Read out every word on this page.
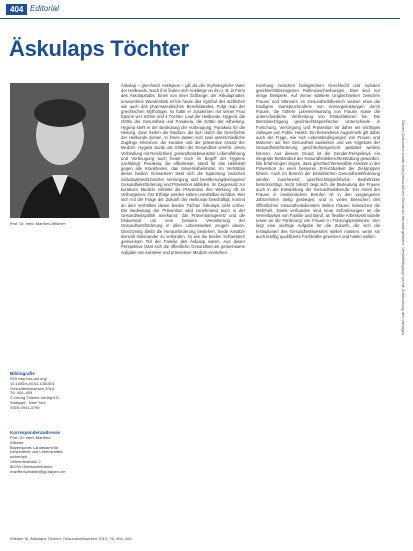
404 Editorial
Äskulaps Töchter
Prof. Dr. med. Manfred Wildner
Bibliografie
DOI http://dx.doi.org/
10.1055/s-0034-1381501
Gesundheitswesen 2014;
76: 404–405
© Georg Thieme Verlag KG
Stuttgart · New York
ISSN 0941-3790
Korrespondenzadresse
Prof. Dr. med. Manfred
Wildner
Bayerisches Landesamt für
Gesundheit und Lebensmittel-
sicherheit
Veterinärstraße 2
85764 Oberschleißheim
manfred.wildner@lgl.bayern.de

Äskulap – griechisch Asklepios – gilt als der mythologische Vater der Heilkunde. Nach ihm finden sich Anklänge an ihn z. B. in Form des Äskulapstabs. Einen von einer Schlange, der Äskulapnatter, umwundene Wanderstab ist bis heute das Symbol des ärztlichen wie auch des pharmazeutischen Berufsstandes. Folgt man der griechischen Mythologie, so hatte er zusammen mit seiner Frau Epione vier Söhne und 4 Töchter. Laut der Heilkunde: Hygieia, die Göttin der Gesundheit und Panakeia, die Göttin der Allheilung. Hygieia steht in der Bedeutung der Vorbeugung, Panakeia für die Heilung. Zwei Seiten der Medizin, die sich durch die Geschichte der Heilkunde ziehen. In ihnen lassen sich zwei unterschiedliche Zugänge erkennen: der kurative und der präventive Ansatz der Medizin. Hygieia wurde als Göttin der Gesundheit verehrt, deren Verbindung mit Reinlichkeit, gesundheitsbewusster Lebensführung und Vorbeugung auch heute noch im Begriff der Hygiene nachklingt. Panakeia, die Allheilende, stand für das Heilmittel gegen alle Krankheiten, das Universalheilmittel. Im Verhältnis dieser beiden Schwestern lässt sich die Spannung zwischen individualmedizinischer Versorgung und bevölkerungsbezogener Gesundheitsförderung und Prävention abbilden. Im Gegensatz zur kurativen Medizin entfaltet die Prävention ihre Wirkung oft im Verborgenen; ihre Erfolge werden selten unmittelbar sichtbar. Wer sich mit der Frage der Zukunft der Heilkunde beschäftigt, kommt an dem Verhältnis dieser beiden Töchter Äskulaps nicht vorbei. Die Bedeutung der Prävention wird zunehmend auch in der Gesundheitspolitik anerkannt; das Präventionsgesetz und die Diskussion um eine bessere Verankerung der Gesundheitsförderung in allen Lebenswelten zeugen davon. Gleichzeitig bleibt die Herausforderung bestehen, beide Ansätze sinnvoll miteinander zu verbinden, so wie die beiden Schwestern gemeinsam Teil der Familie des Äskulap waren. Aus dieser Perspektive lässt sich die öffentliche Gesundheit als gemeinsame Aufgabe von kurativer und präventiver Medizin verstehen.

menhang zwischen biologischem Geschlecht und sozialen geschlechtsbezogenen Rollenzuschreibungen. Dies sind nur einige Beispiele. Auf immer stärkere Ungleichheiten zwischen Frauen und Männern im Gesundheitsbereich weisen etwa die häufigere Inanspruchnahme von Vorsorgeleistungen durch Frauen, die höhere Lebenserwartung von Frauen sowie die unterschiedliche Verbreitung von Risikofaktoren hin. Die Berücksichtigung geschlechtsspezifischer Unterschiede in Forschung, Versorgung und Prävention ist daher ein wichtiges Anliegen von Public Health. Ein besonderes Augenmerk gilt dabei auch der Frage, wie sich Lebensbedingungen von Frauen und Männern auf ihre Gesundheit auswirken und wie Angebote der Gesundheitsförderung geschlechtergerecht gestaltet werden können. Aus diesem Grund ist die Gender-Perspektive ein integraler Bestandteil der Gesundheitsberichterstattung geworden. Die Erfahrungen zeigen, dass geschlechtersensible Ansätze in der Prävention zu einer besseren Erreichbarkeit der Zielgruppen führen. Auch im Bereich der betrieblichen Gesundheitsförderung werden zunehmend geschlechtsspezifische Bedürfnisse berücksichtigt. Nicht zuletzt zeigt sich die Bedeutung der Frauen auch in der Entwicklung der Gesundheitsberufe: Der Anteil der Frauen in medizinischen Berufen ist in den vergangenen Jahrzehnten stetig gestiegen, und in vielen Bereichen des Öffentlichen Gesundheitsdienstes stellen Frauen inzwischen die Mehrheit. Damit verbunden sind neue Anforderungen an die Vereinbarkeit von Familie und Beruf, an flexible Arbeitszeitmodelle sowie an die Förderung von Frauen in Führungspositionen. Hier liegt eine wichtige Aufgabe für die Zukunft, der sich die Institutionen des Gesundheitswesens stellen müssen, wenn sie auch künftig qualifizierte Fachkräfte gewinnen und halten wollen.

Wildner M. Äskulaps Töchter. Gesundheitswesen 2014; 76: 404–405
Dieses Dokument wurde zum persönlichen Gebrauch heruntergeladen. Vervielfältigung nur mit Zustimmung des Verlages.
